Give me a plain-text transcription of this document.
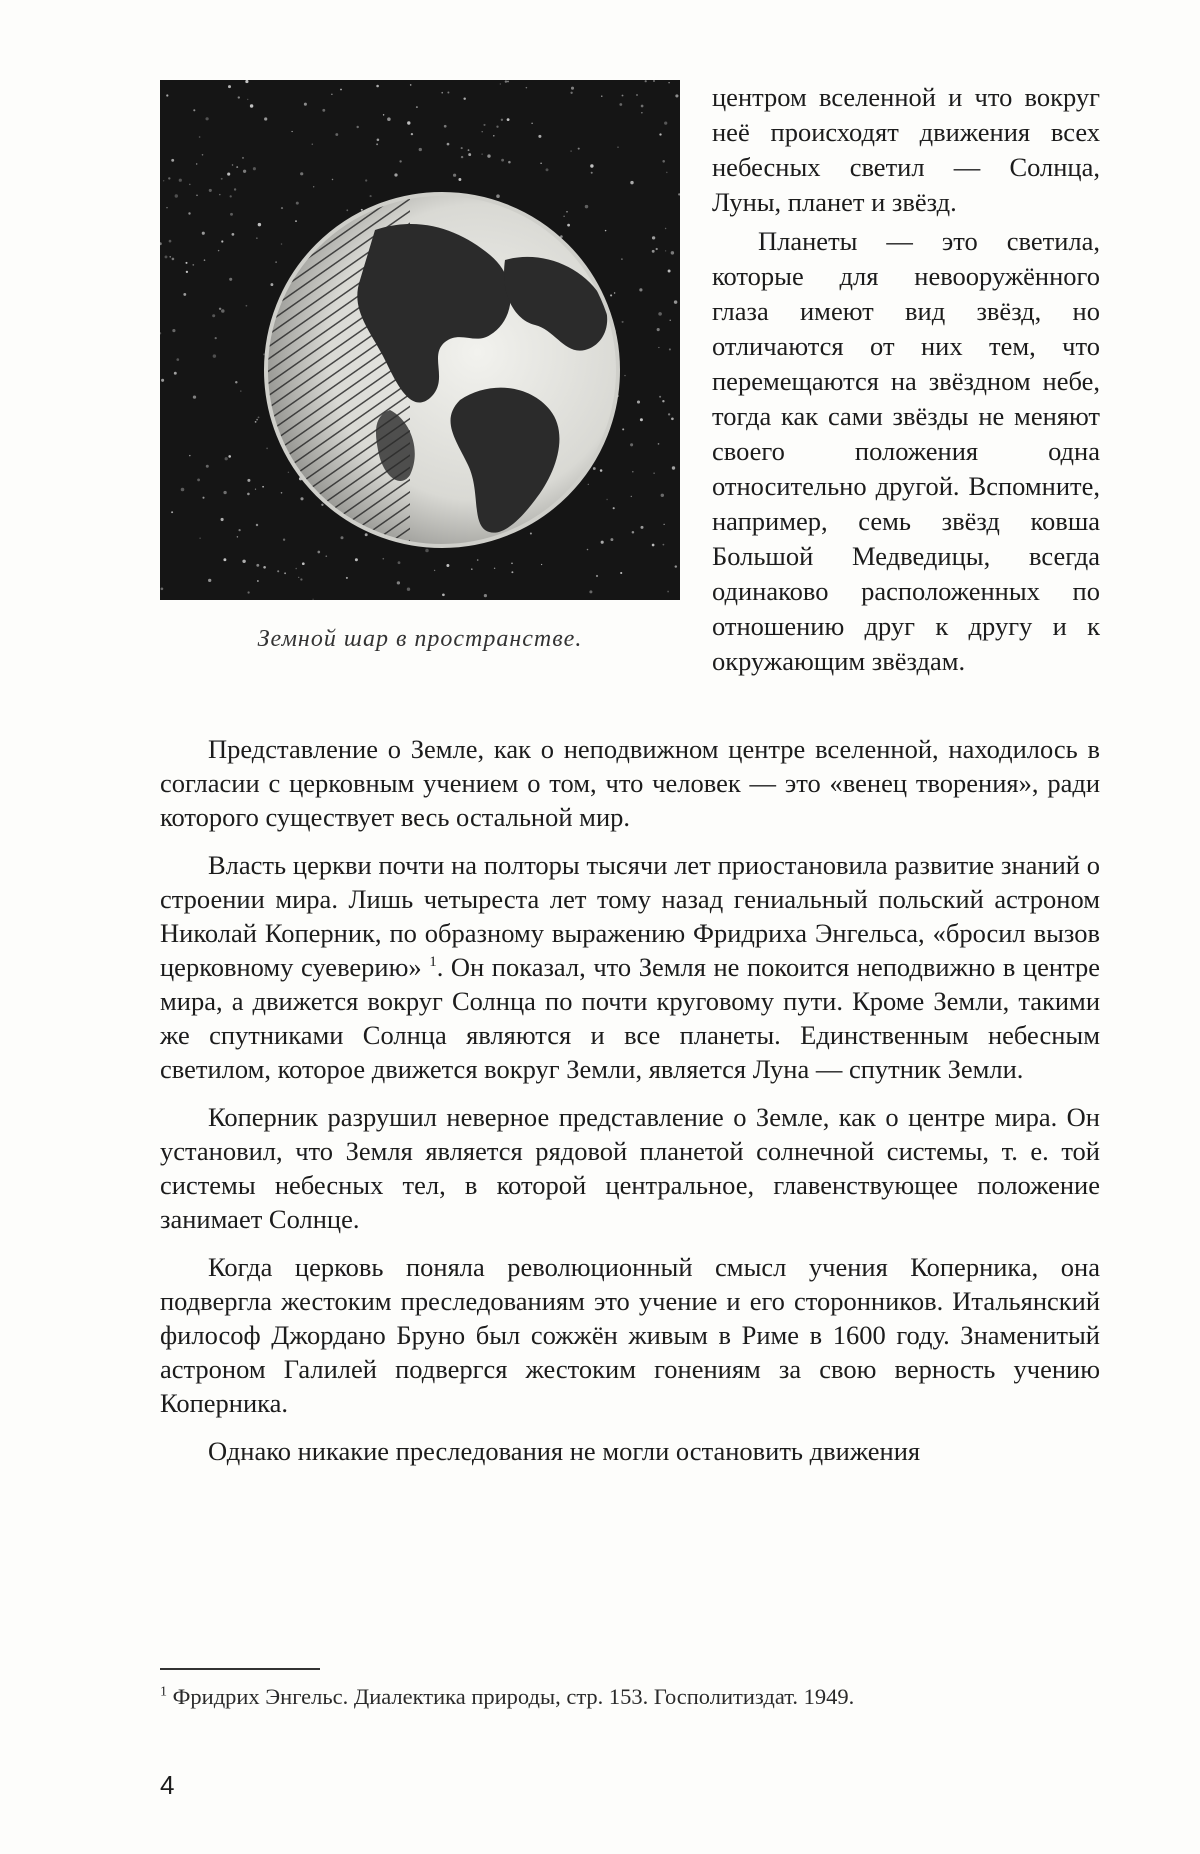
Земной шар в пространстве.

центром вселенной и что вокруг неё происходят движения всех небесных светил — Солнца, Луны, планет и звёзд.

Планеты — это светила, которые для невооружённого глаза имеют вид звёзд, но отличаются от них тем, что перемещаются на звёздном небе, тогда как сами звёзды не меняют своего положения одна относительно другой. Вспомните, например, семь звёзд ковша Большой Медведицы, всегда одинаково расположенных по отношению друг к другу и к окружающим звёздам.

Представление о Земле, как о неподвижном центре вселенной, находилось в согласии с церковным учением о том, что человек — это «венец творения», ради которого существует весь остальной мир.

Власть церкви почти на полторы тысячи лет приостановила развитие знаний о строении мира. Лишь четыреста лет тому назад гениальный польский астроном Николай Коперник, по образному выражению Фридриха Энгельса, «бросил вызов церковному суеверию» 1. Он показал, что Земля не покоится неподвижно в центре мира, а движется вокруг Солнца по почти круговому пути. Кроме Земли, такими же спутниками Солнца являются и все планеты. Единственным небесным светилом, которое движется вокруг Земли, является Луна — спутник Земли.

Коперник разрушил неверное представление о Земле, как о центре мира. Он установил, что Земля является рядовой планетой солнечной системы, т. е. той системы небесных тел, в которой центральное, главенствующее положение занимает Солнце.

Когда церковь поняла революционный смысл учения Коперника, она подвергла жестоким преследованиям это учение и его сторонников. Итальянский философ Джордано Бруно был сожжён живым в Риме в 1600 году. Знаменитый астроном Галилей подвергся жестоким гонениям за свою верность учению Коперника.

Однако никакие преследования не могли остановить движения

1 Фридрих Энгельс. Диалектика природы, стр. 153. Госполитиздат. 1949.
4
